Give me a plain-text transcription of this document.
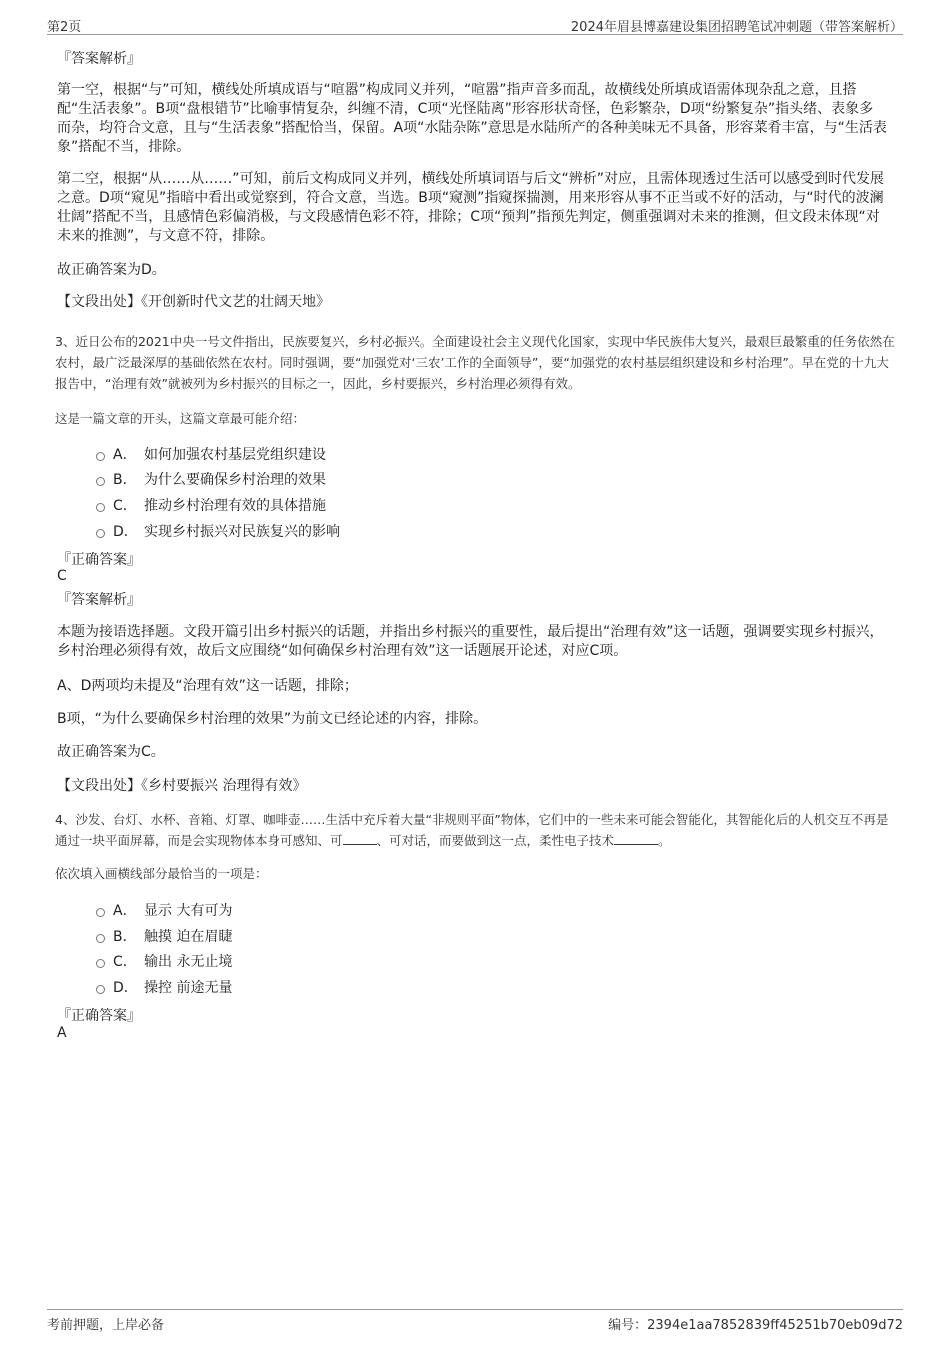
第2页	2024年眉县博嘉建设集团招聘笔试冲刺题（带答案解析）
『答案解析』
第一空，根据“与”可知，横线处所填成语与“喧嚣”构成同义并列，“喧嚣”指声音多而乱，故横线处所填成语需体现杂乱之意，且搭配“生活表象”。B项“盘根错节”比喻事情复杂，纠缠不清，C项“光怪陆离”形容形状奇怪，色彩繁杂，D项“纷繁复杂”指头绪、表象多而杂，均符合文意，且与“生活表象”搭配恰当，保留。A项“水陆杂陈”意思是水陆所产的各种美味无不具备，形容菜肴丰富，与“生活表象”搭配不当，排除。
第二空，根据“从……从……”可知，前后文构成同义并列，横线处所填词语与后文“辨析”对应，且需体现透过生活可以感受到时代发展之意。D项“窥见”指暗中看出或觉察到，符合文意，当选。B项“窥测”指窥探揣测，用来形容从事不正当或不好的活动，与“时代的波澜壮阔”搭配不当，且感情色彩偏消极，与文段感情色彩不符，排除；C项“预判”指预先判定，侧重强调对未来的推测，但文段未体现“对未来的推测”，与文意不符，排除。
故正确答案为D。
【文段出处】《开创新时代文艺的壮阔天地》
3、近日公布的2021中央一号文件指出，民族要复兴，乡村必振兴。全面建设社会主义现代化国家，实现中华民族伟大复兴，最艰巨最繁重的任务依然在农村，最广泛最深厚的基础依然在农村。同时强调，要“加强党对‘三农’工作的全面领导”，要“加强党的农村基层组织建设和乡村治理”。早在党的十九大报告中，“治理有效”就被列为乡村振兴的目标之一，因此，乡村要振兴，乡村治理必须得有效。
这是一篇文章的开头，这篇文章最可能介绍：
A． 如何加强农村基层党组织建设
B． 为什么要确保乡村治理的效果
C． 推动乡村治理有效的具体措施
D． 实现乡村振兴对民族复兴的影响
『正确答案』
C
『答案解析』
本题为接语选择题。文段开篇引出乡村振兴的话题，并指出乡村振兴的重要性，最后提出“治理有效”这一话题，强调要实现乡村振兴，乡村治理必须得有效，故后文应围绕“如何确保乡村治理有效”这一话题展开论述，对应C项。
A、D两项均未提及“治理有效”这一话题，排除；
B项，“为什么要确保乡村治理的效果”为前文已经论述的内容，排除。
故正确答案为C。
【文段出处】《乡村要振兴 治理得有效》
4、沙发、台灯、水杯、音箱、灯罩、咖啡壶……生活中充斥着大量“非规则平面”物体，它们中的一些未来可能会智能化，其智能化后的人机交互不再是通过一块平面屏幕，而是会实现物体本身可感知、可	、可对话，而要做到这一点，柔性电子技术	。
依次填入画横线部分最恰当的一项是：
A． 显示 大有可为
B． 触摸 迫在眉睫
C． 输出 永无止境
D． 操控 前途无量
『正确答案』
A
考前押题，上岸必备	编号：2394e1aa7852839ff45251b70eb09d72
